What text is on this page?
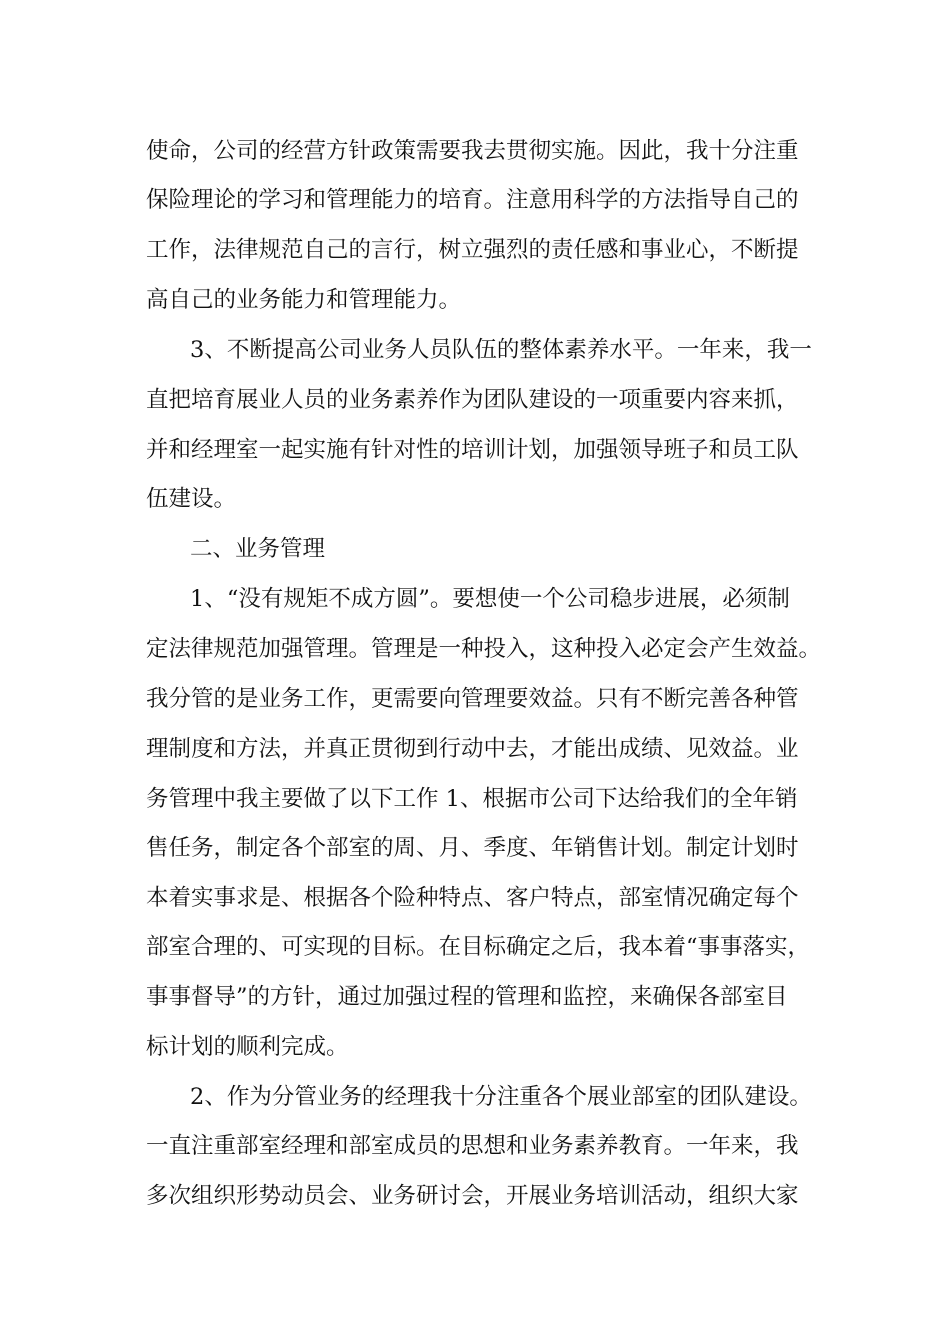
使命，公司的经营方针政策需要我去贯彻实施。因此，我十分注重
保险理论的学习和管理能力的培育。注意用科学的方法指导自己的
工作，法律规范自己的言行，树立强烈的责任感和事业心，不断提
高自己的业务能力和管理能力。
3、不断提高公司业务人员队伍的整体素养水平。一年来，我一
直把培育展业人员的业务素养作为团队建设的一项重要内容来抓，
并和经理室一起实施有针对性的培训计划，加强领导班子和员工队
伍建设。
二、业务管理
1、“没有规矩不成方圆”。要想使一个公司稳步进展，必须制
定法律规范加强管理。管理是一种投入，这种投入必定会产生效益。
我分管的是业务工作，更需要向管理要效益。只有不断完善各种管
理制度和方法，并真正贯彻到行动中去，才能出成绩、见效益。业
务管理中我主要做了以下工作 1、根据市公司下达给我们的全年销
售任务，制定各个部室的周、月、季度、年销售计划。制定计划时
本着实事求是、根据各个险种特点、客户特点，部室情况确定每个
部室合理的、可实现的目标。在目标确定之后，我本着“事事落实，
事事督导”的方针，通过加强过程的管理和监控，来确保各部室目
标计划的顺利完成。
2、作为分管业务的经理我十分注重各个展业部室的团队建设。
一直注重部室经理和部室成员的思想和业务素养教育。一年来，我
多次组织形势动员会、业务研讨会，开展业务培训活动，组织大家
